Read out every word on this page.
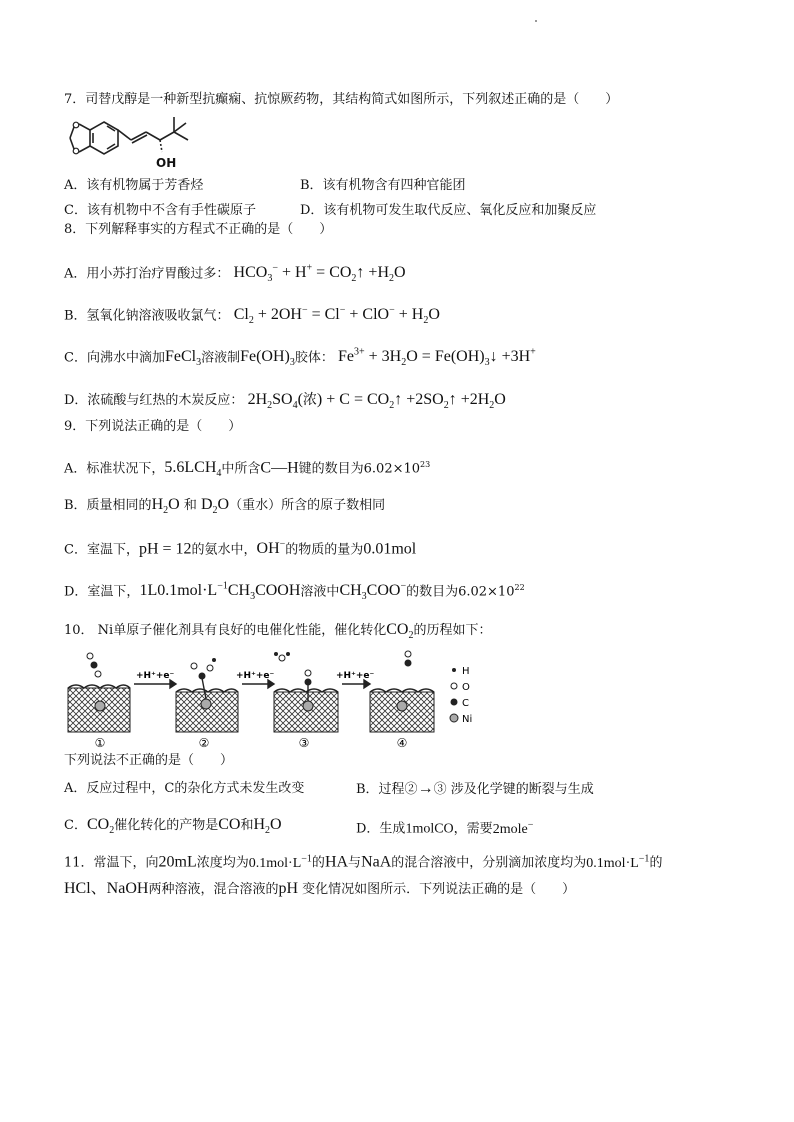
7．司替戊醇是一种新型抗癫痫、抗惊厥药物，其结构简式如图所示，下列叙述正确的是（　　）
OH
A．该有机物属于芳香烃	B．该有机物含有四种官能团
C．该有机物中不含有手性碳原子	D．该有机物可发生取代反应、氧化反应和加聚反应
8．下列解释事实的方程式不正确的是（　　）
A．用小苏打治疗胃酸过多： $HCO_3^- + H^+$ = $CO_2↑ +H_2O$
B．氢氧化钠溶液吸收氯气： $Cl_2 + 2OH^- = Cl^- + ClO^- + H_2O$
C．向沸水中滴加FeCl$_3$溶液制$Fe(OH)_3$胶体： $Fe^{3+} + 3H_2O$ = $Fe(OH)_3↓ +3H^+$
D．浓硫酸与红热的木炭反应： $2H_2SO_4$(浓) + $C = CO_2↑$ $+2SO_2↑ +2H_2O$
9．下列说法正确的是（　　）
A．标准状况下，$5.6LCH_4$中所含C—H键的数目为$6.02\times 10^{23}$
B．质量相同的$H_2O$ 和 $D_2O$（重水）所含的原子数相同
C．室温下，pH = 12的氨水中，OH−的物质的量为0.01mol
D．室温下，$1L0.1mol\cdot L^{-1}CH_3COOH$溶液中$CH_3COO^-$的数目为$6.02\times 10^{22}$
10． Ni单原子催化剂具有良好的电催化性能，催化转化$CO_2$的历程如下：
+H⁺+e⁻	+H⁺+e⁻	+H⁺+e⁻
①	②	③	④
H
O
C
Ni
下列说法不正确的是（　　）
A．反应过程中，C的杂化方式未发生改变	B．过程②→③ 涉及化学键的断裂与生成
C．$CO_2$催化转化的产物是CO和$H_2O$	D．生成1molCO，需要2mole−
11．常温下，向20mL浓度均为$0.1mol\cdot L^{-1}$的HA与NaA的混合溶液中，分别滴加浓度均为$0.1mol\cdot L^{-1}$的
HCl、NaOH两种溶液，混合溶液的pH 变化情况如图所示．下列说法正确的是（　　）
